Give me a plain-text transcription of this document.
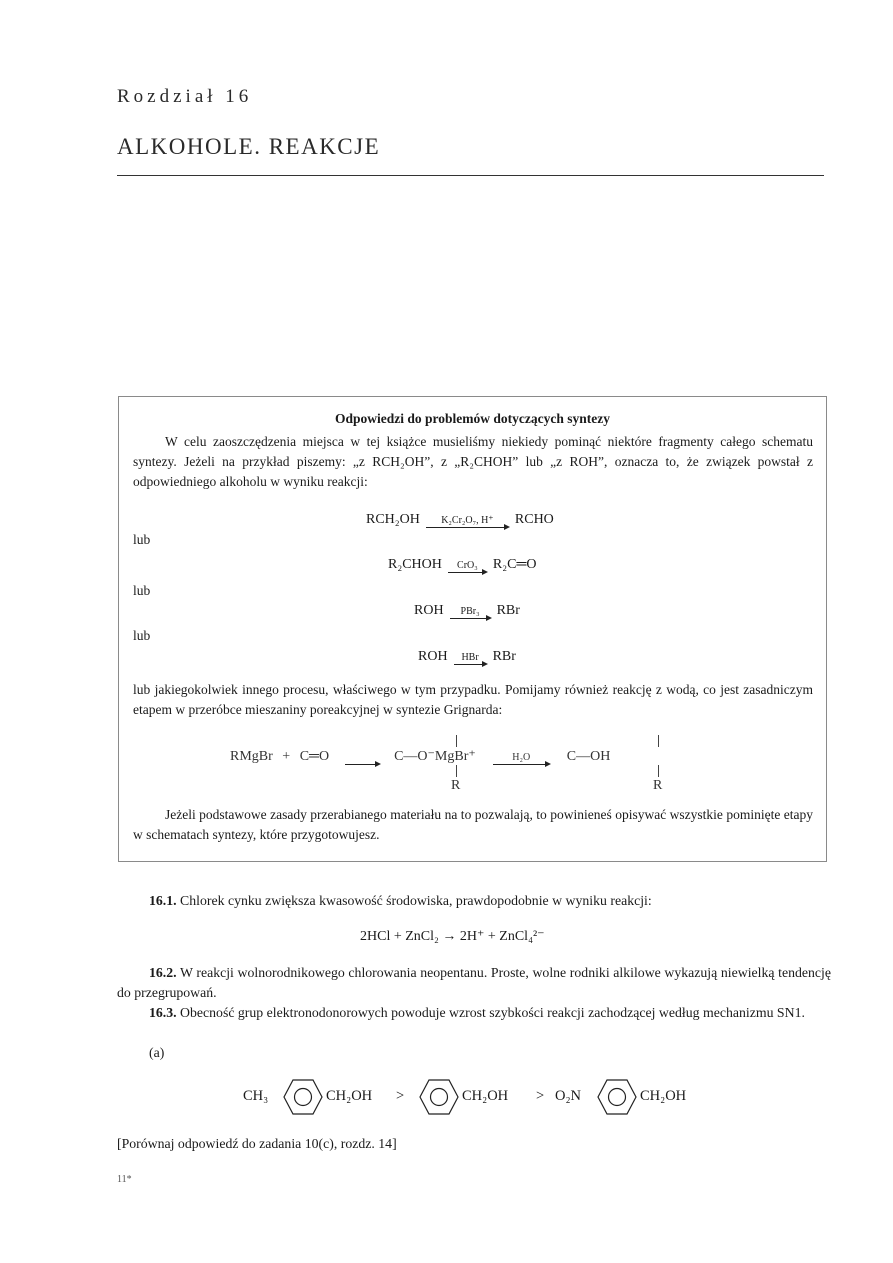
Rozdział 16
ALKOHOLE. REAKCJE
Odpowiedzi do problemów dotyczących syntezy
W celu zaoszczędzenia miejsca w tej książce musieliśmy niekiedy pominąć niektóre fragmenty całego schematu syntezy. Jeżeli na przykład piszemy: „z RCH₂OH”, z „R₂CHOH” lub „z ROH”, oznacza to, że związek powstał z odpowiedniego alkoholu w wyniku reakcji:
RCH₂OH	K₂Cr₂O₇, H⁺	RCHO
lub
R₂CHOH	CrO₃	R₂C═O
lub
ROH	PBr₃	RBr
lub
ROH	HBr RBr
lub jakiegokolwiek innego procesu, właściwego w tym przypadku. Pomijamy również reakcję z wodą, co jest zasadniczym etapem w przeróbce mieszaniny poreakcyjnej w syntezie Grignarda:
RMgBr + C═O
	C—O⁻MgBr⁺	H₂O	C—OH
R	R
Jeżeli podstawowe zasady przerabianego materiału na to pozwalają, to powinieneś opisywać wszystkie pominięte etapy w schematach syntezy, które przygotowujesz.
16.1. Chlorek cynku zwiększa kwasowość środowiska, prawdopodobnie w wyniku reakcji:
2HCl + ZnCl₂ → 2H⁺ + ZnCl₄²⁻
16.2. W reakcji wolnorodnikowego chlorowania neopentanu. Proste, wolne rodniki alkilowe wykazują niewielką tendencję do przegrupowań.
16.3. Obecność grup elektronodonorowych powoduje wzrost szybkości reakcji zachodzącej według mechanizmu SN1.
(a)
CH₃	CH₂OH >	CH₂OH > O₂N	CH₂OH
[Porównaj odpowiedź do zadania 10(c), rozdz. 14]
11*
